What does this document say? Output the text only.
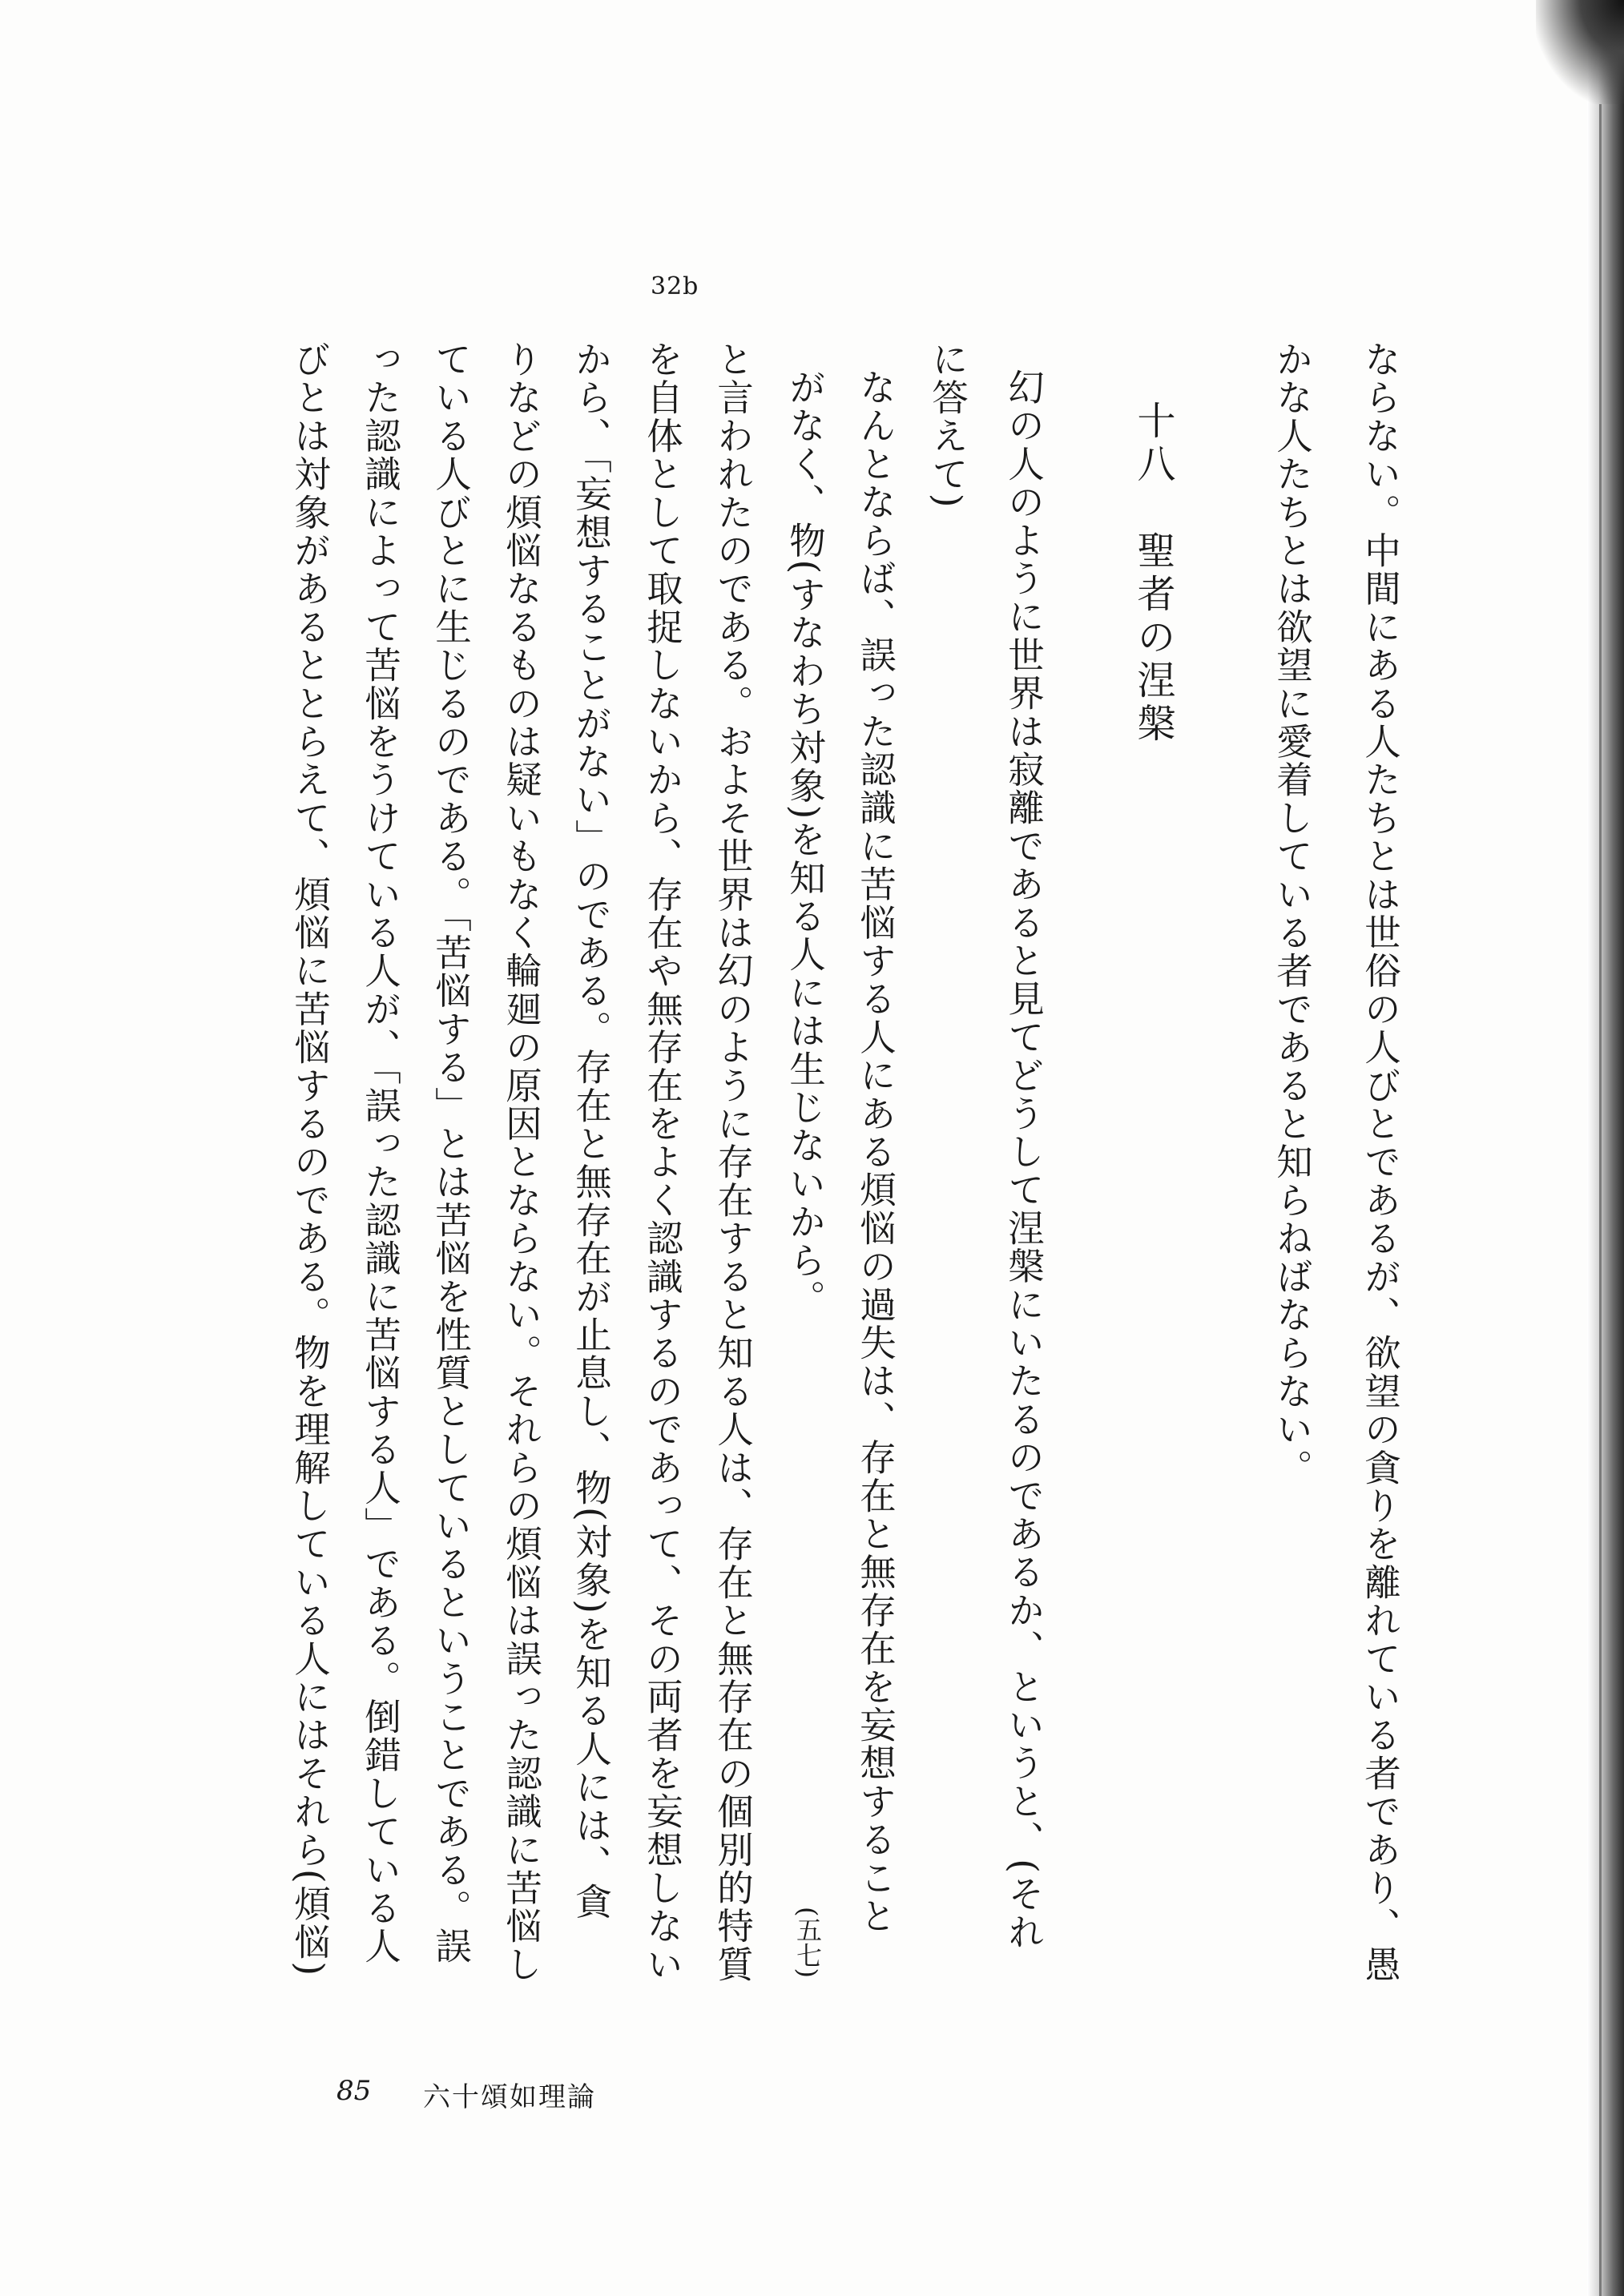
32b
ならない。中間にある人たちとは世俗の人びとであるが、欲望の貪りを離れている者であり、愚
かな人たちとは欲望に愛着している者であると知らねばならない。
十八　聖者の涅槃
幻の人のように世界は寂離であると見てどうして涅槃にいたるのであるか、というと、(それ
に答えて)
なんとならば、誤った認識に苦悩する人にある煩悩の過失は、存在と無存在を妄想すること
がなく、物(すなわち対象)を知る人には生じないから。
(五七)
と言われたのである。およそ世界は幻のように存在すると知る人は、存在と無存在の個別的特質
を自体として取捉しないから、存在や無存在をよく認識するのであって、その両者を妄想しない
から、「妄想することがない」のである。存在と無存在が止息し、物(対象)を知る人には、貪
りなどの煩悩なるものは疑いもなく輪廻の原因とならない。それらの煩悩は誤った認識に苦悩し
ている人びとに生じるのである。「苦悩する」とは苦悩を性質としているということである。誤
った認識によって苦悩をうけている人が、「誤った認識に苦悩する人」である。倒錯している人
びとは対象があるととらえて、煩悩に苦悩するのである。物を理解している人にはそれら(煩悩)
85 六十頌如理論
